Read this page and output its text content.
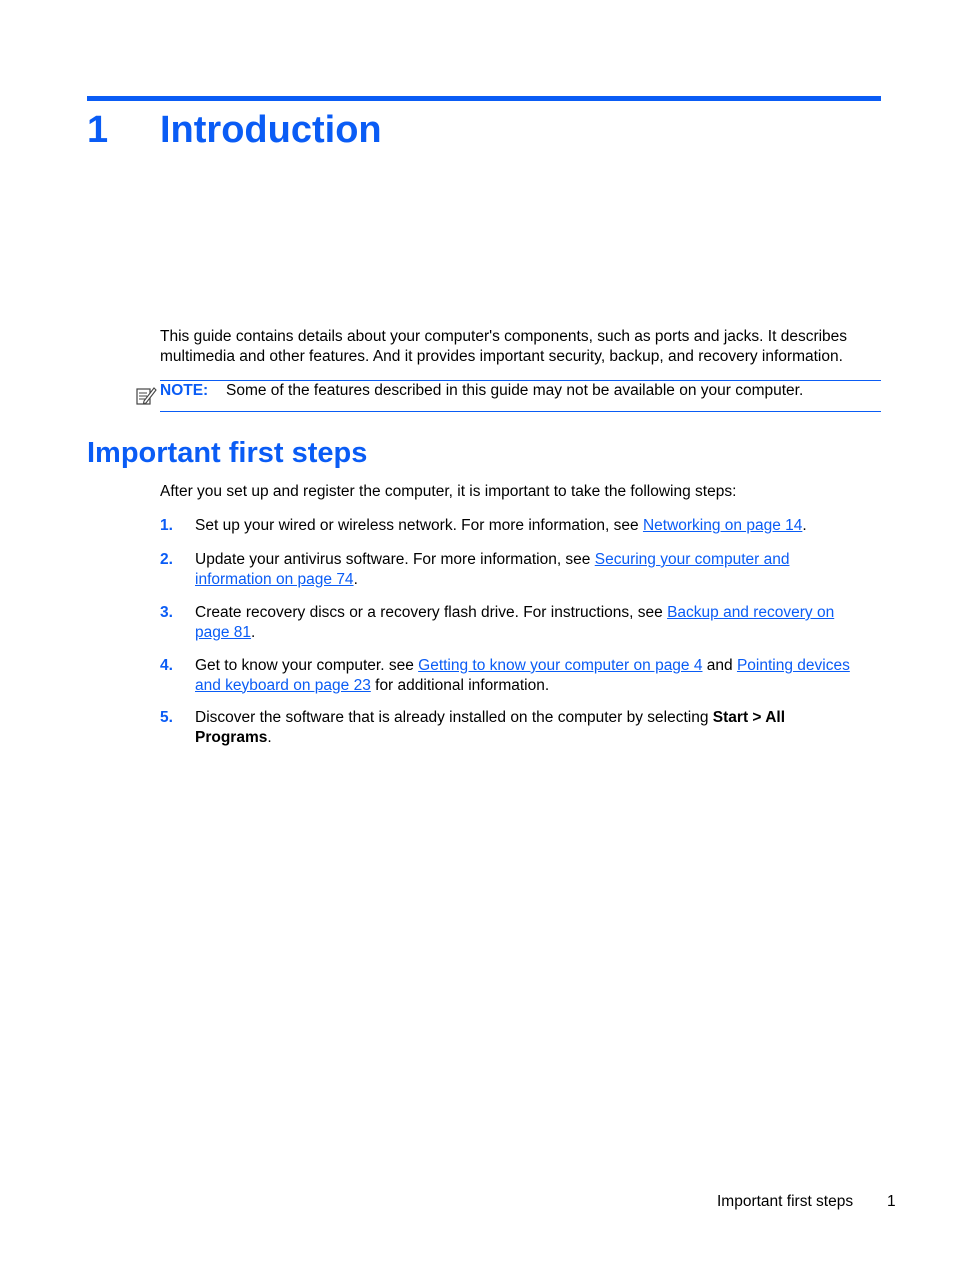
1 Introduction
This guide contains details about your computer's components, such as ports and jacks. It describes multimedia and other features. And it provides important security, backup, and recovery information.
NOTE: Some of the features described in this guide may not be available on your computer.
Important first steps
After you set up and register the computer, it is important to take the following steps:
1. Set up your wired or wireless network. For more information, see Networking on page 14.
2. Update your antivirus software. For more information, see Securing your computer and information on page 74.
3. Create recovery discs or a recovery flash drive. For instructions, see Backup and recovery on page 81.
4. Get to know your computer. see Getting to know your computer on page 4 and Pointing devices and keyboard on page 23 for additional information.
5. Discover the software that is already installed on the computer by selecting Start > All Programs.
Important first steps 1
